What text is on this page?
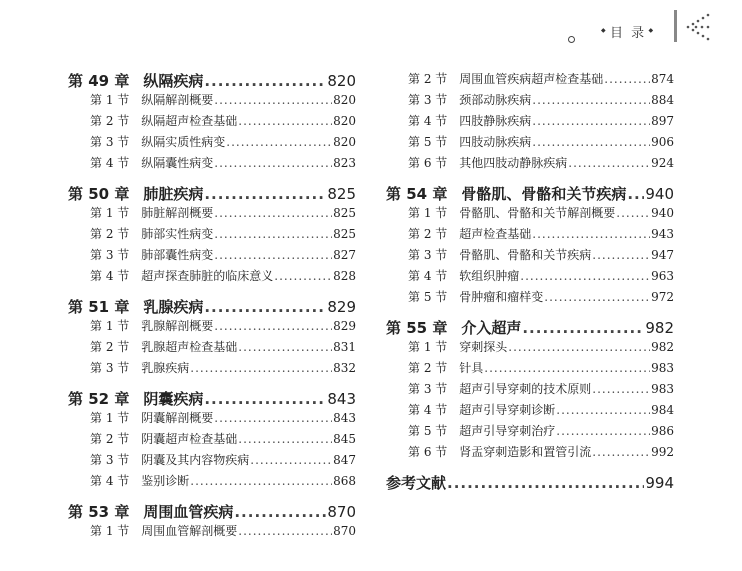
◆ 目 录 ◆
第 49 章 纵隔疾病 .....	820
第 1 节 纵隔解剖概要 .....	820
第 2 节 纵隔超声检查基础 .....	820
第 3 节 纵隔实质性病变 .....	820
第 4 节 纵隔囊性病变 .....	823
第 50 章 肺脏疾病 .....	825
第 1 节 肺脏解剖概要 .....	825
第 2 节 肺部实性病变 .....	825
第 3 节 肺部囊性病变 .....	827
第 4 节 超声探查肺脏的临床意义 .....	828
第 51 章 乳腺疾病 .....	829
第 1 节 乳腺解剖概要 .....	829
第 2 节 乳腺超声检查基础 .....	831
第 3 节 乳腺疾病 .....	832
第 52 章 阴囊疾病 .....	843
第 1 节 阴囊解剖概要 .....	843
第 2 节 阴囊超声检查基础 .....	845
第 3 节 阴囊及其内容物疾病 .....	847
第 4 节 鉴别诊断 .....	868
第 53 章 周围血管疾病 .....	870
第 1 节 周围血管解剖概要 .....	870
第 2 节 周围血管疾病超声检查基础 .....	874
第 3 节 颈部动脉疾病 .....	884
第 4 节 四肢静脉疾病 .....	897
第 5 节 四肢动脉疾病 .....	906
第 6 节 其他四肢动静脉疾病 .....	924
第 54 章 骨骼肌、骨骼和关节疾病 ..... 940
第 1 节 骨骼肌、骨骼和关节解剖概要 .....	940
第 2 节 超声检查基础 .....	943
第 3 节 骨骼肌、骨骼和关节疾病 .....	947
第 4 节 软组织肿瘤 .....	963
第 5 节 骨肿瘤和瘤样变 .....	972
第 55 章 介入超声 .....	982
第 1 节 穿刺探头 .....	982
第 2 节 针具 .....	983
第 3 节 超声引导穿刺的技术原则 .....	983
第 4 节 超声引导穿刺诊断 .....	984
第 5 节 超声引导穿刺治疗 .....	986
第 6 节 肾盂穿刺造影和置管引流 .....	992
参考文献 .....	994
